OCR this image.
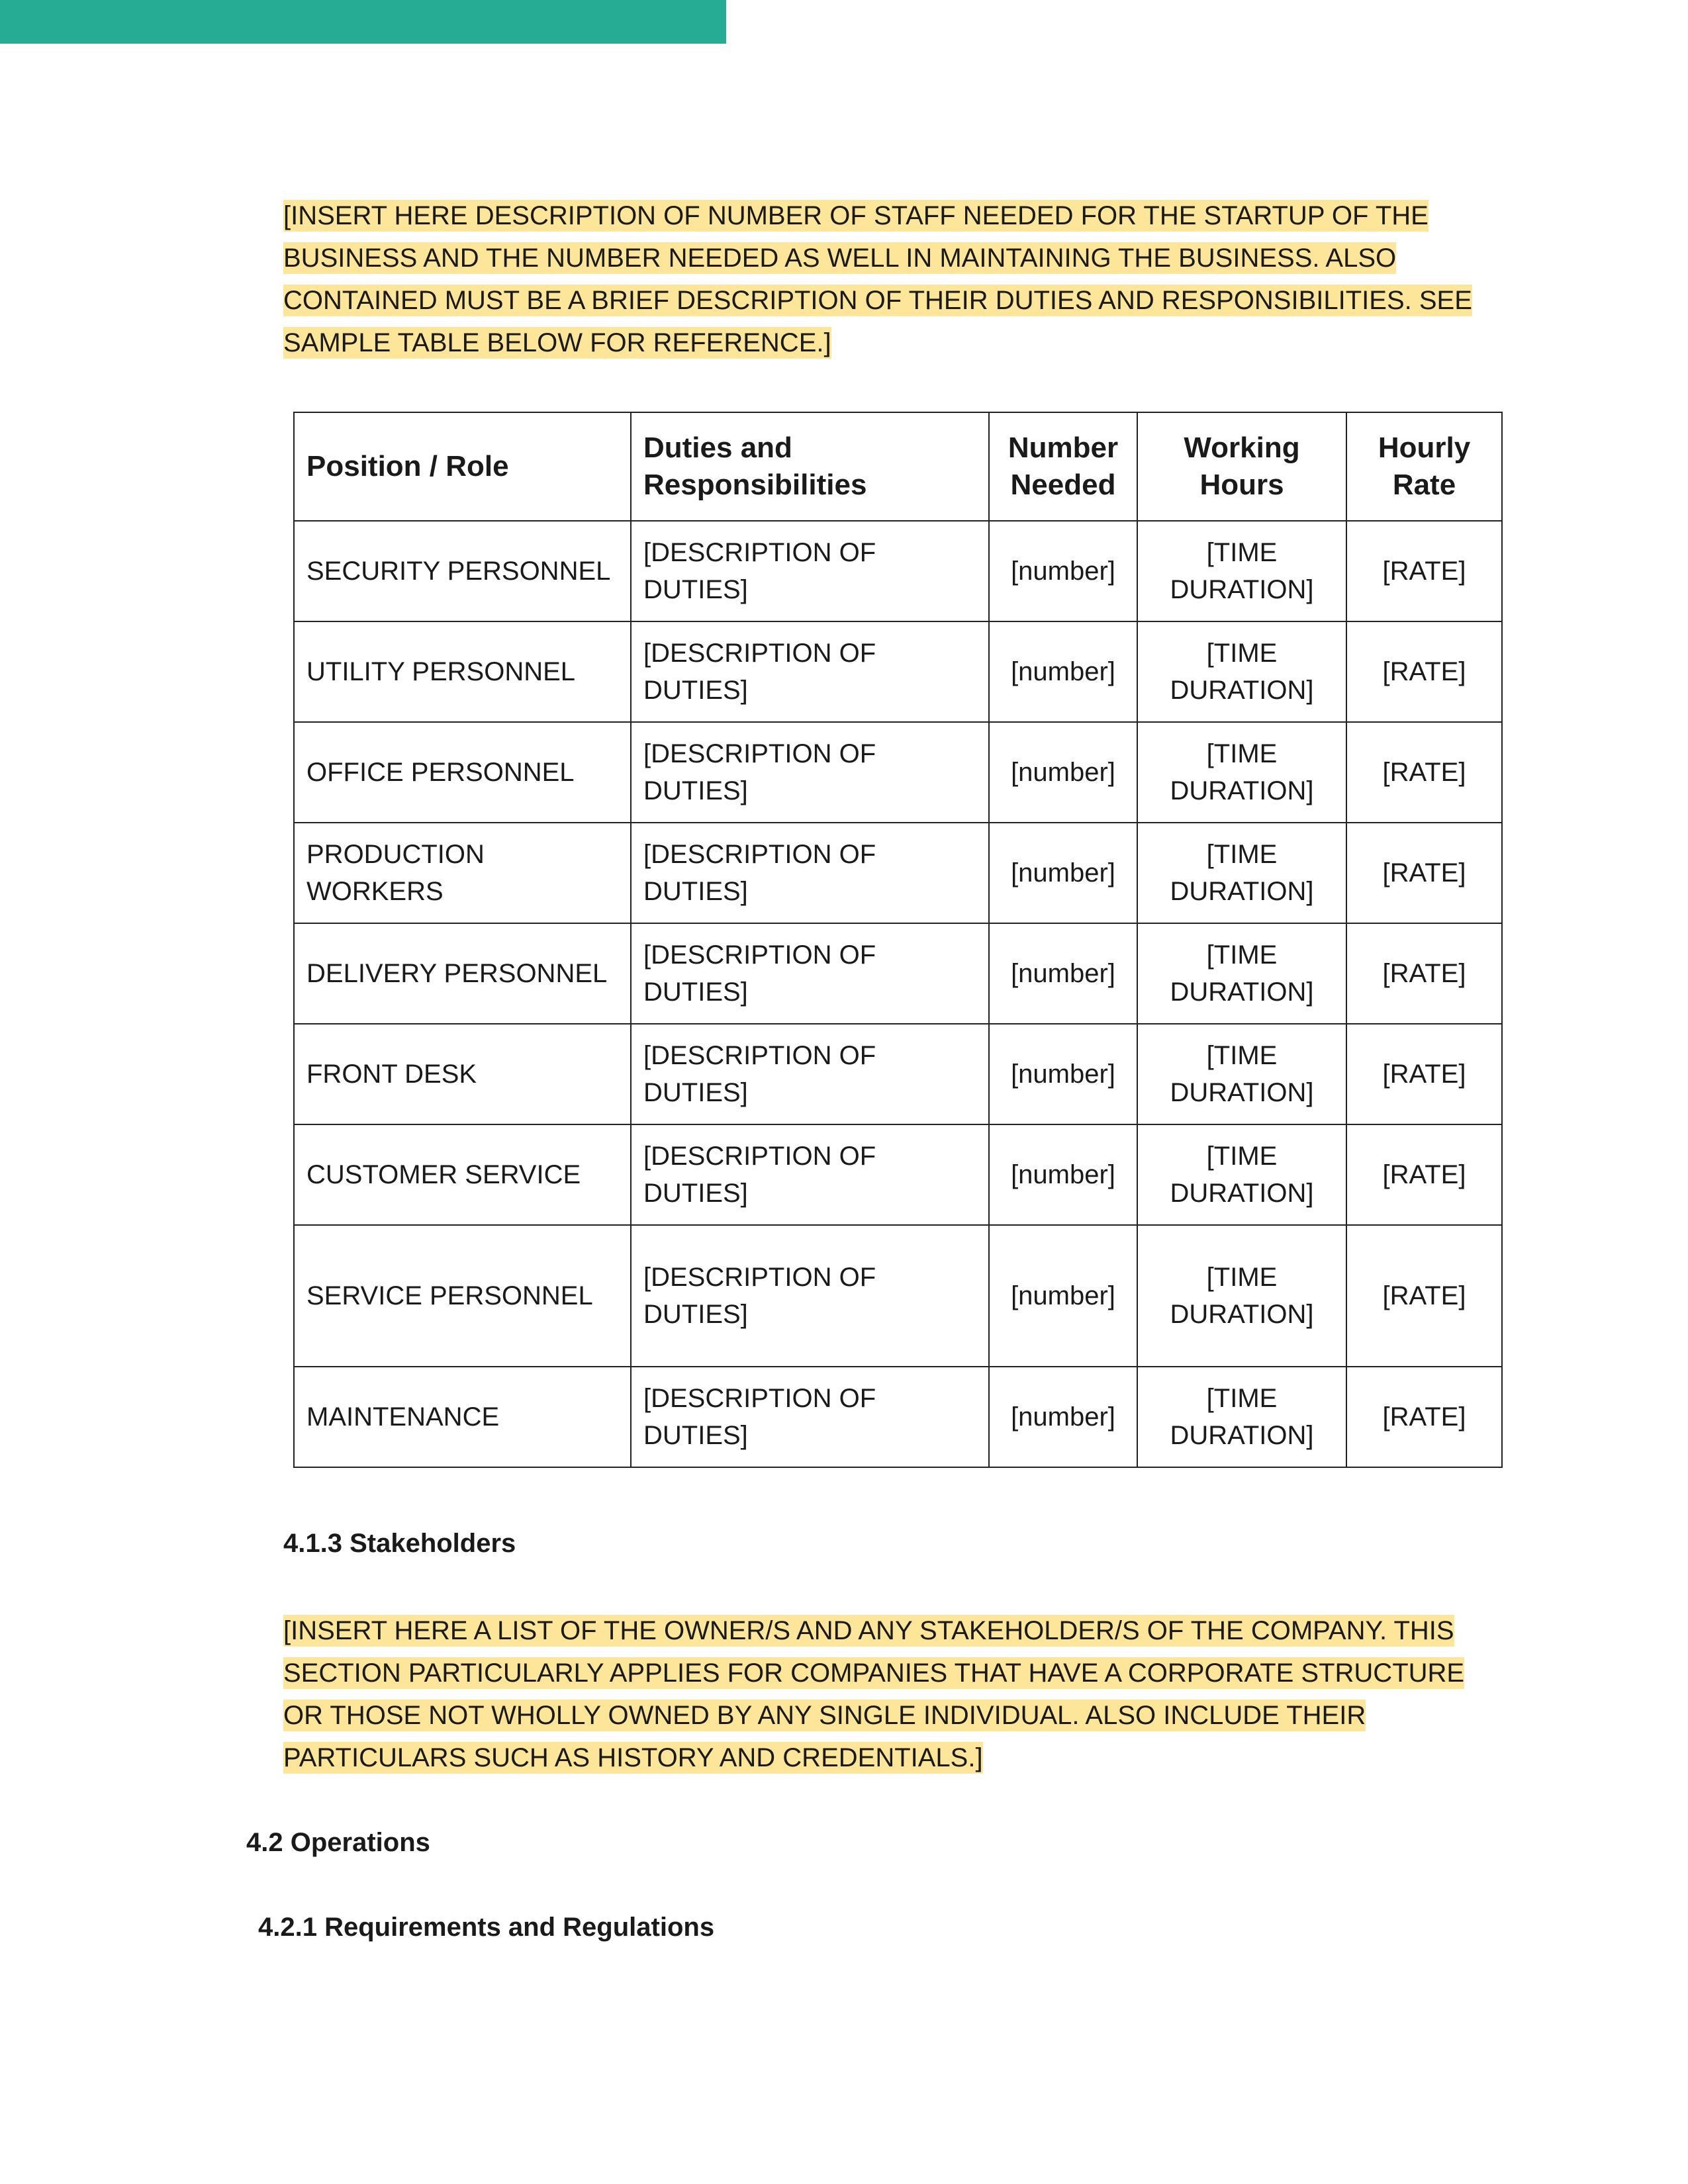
[INSERT HERE DESCRIPTION OF NUMBER OF STAFF NEEDED FOR THE STARTUP OF THE BUSINESS AND THE NUMBER NEEDED AS WELL IN MAINTAINING THE BUSINESS. ALSO CONTAINED MUST BE A BRIEF DESCRIPTION OF THEIR DUTIES AND RESPONSIBILITIES. SEE SAMPLE TABLE BELOW FOR REFERENCE.]

Position / Role	Duties and Responsibilities	Number Needed	Working Hours	Hourly Rate
SECURITY PERSONNEL	[DESCRIPTION OF DUTIES]	[number]	[TIME DURATION]	[RATE]
UTILITY PERSONNEL	[DESCRIPTION OF DUTIES]	[number]	[TIME DURATION]	[RATE]
OFFICE PERSONNEL	[DESCRIPTION OF DUTIES]	[number]	[TIME DURATION]	[RATE]
PRODUCTION WORKERS	[DESCRIPTION OF DUTIES]	[number]	[TIME DURATION]	[RATE]
DELIVERY PERSONNEL	[DESCRIPTION OF DUTIES]	[number]	[TIME DURATION]	[RATE]
FRONT DESK	[DESCRIPTION OF DUTIES]	[number]	[TIME DURATION]	[RATE]
CUSTOMER SERVICE	[DESCRIPTION OF DUTIES]	[number]	[TIME DURATION]	[RATE]
SERVICE PERSONNEL	[DESCRIPTION OF DUTIES]	[number]	[TIME DURATION]	[RATE]
MAINTENANCE	[DESCRIPTION OF DUTIES]	[number]	[TIME DURATION]	[RATE]
4.1.3 Stakeholders

[INSERT HERE A LIST OF THE OWNER/S AND ANY STAKEHOLDER/S OF THE COMPANY. THIS SECTION PARTICULARLY APPLIES FOR COMPANIES THAT HAVE A CORPORATE STRUCTURE OR THOSE NOT WHOLLY OWNED BY ANY SINGLE INDIVIDUAL. ALSO INCLUDE THEIR PARTICULARS SUCH AS HISTORY AND CREDENTIALS.]

4.2 Operations
4.2.1 Requirements and Regulations
